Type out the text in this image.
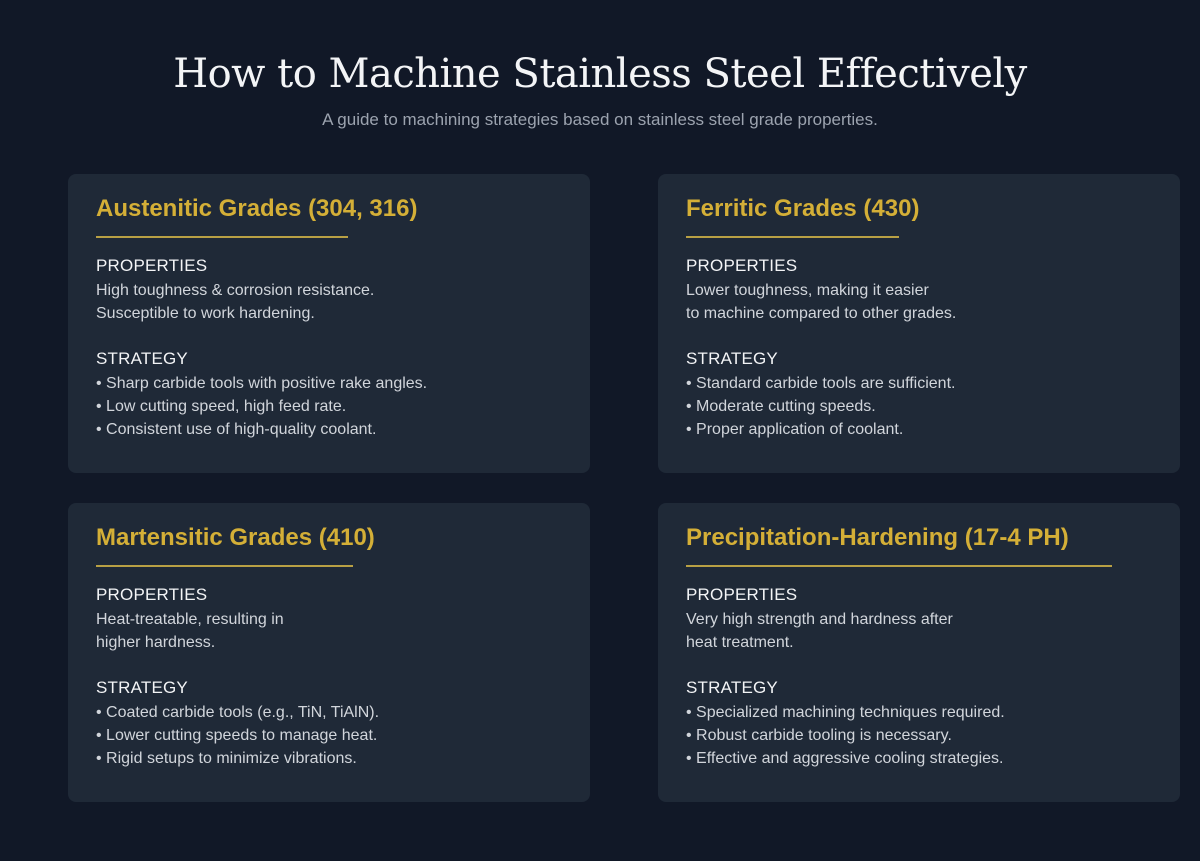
How to Machine Stainless Steel Effectively

A guide to machining strategies based on stainless steel grade properties.

Austenitic Grades (304, 316)
PROPERTIES
High toughness & corrosion resistance.
Susceptible to work hardening.
STRATEGY
• Sharp carbide tools with positive rake angles.
• Low cutting speed, high feed rate.
• Consistent use of high-quality coolant.
Ferritic Grades (430)
PROPERTIES
Lower toughness, making it easier
to machine compared to other grades.
STRATEGY
• Standard carbide tools are sufficient.
• Moderate cutting speeds.
• Proper application of coolant.
Martensitic Grades (410)
PROPERTIES
Heat-treatable, resulting in
higher hardness.
STRATEGY
• Coated carbide tools (e.g., TiN, TiAlN).
• Lower cutting speeds to manage heat.
• Rigid setups to minimize vibrations.
Precipitation-Hardening (17-4 PH)
PROPERTIES
Very high strength and hardness after
heat treatment.
STRATEGY
• Specialized machining techniques required.
• Robust carbide tooling is necessary.
• Effective and aggressive cooling strategies.
